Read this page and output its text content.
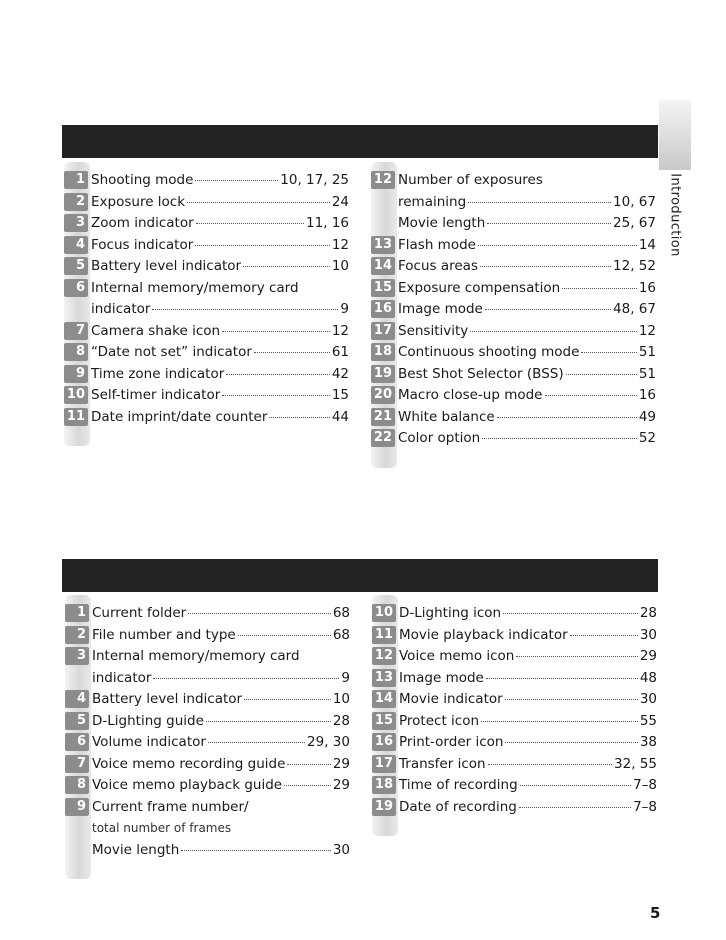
Introduction
1 Shooting mode	10, 17, 25
2 Exposure lock	24
3 Zoom indicator	11, 16
4 Focus indicator	12
5 Battery level indicator	10
6 Internal memory/memory card
indicator	9
7 Camera shake icon	12
8 “Date not set” indicator	61
9 Time zone indicator	42
10 Self-timer indicator	15
11 Date imprint/date counter	44
12 Number of exposures
remaining	10, 67
Movie length	25, 67
13 Flash mode	14
14 Focus areas	12, 52
15 Exposure compensation	16
16 Image mode	48, 67
17 Sensitivity	12
18 Continuous shooting mode	51
19 Best Shot Selector (BSS)	51
20 Macro close-up mode	16
21 White balance	49
22 Color option	52
1 Current folder	68
2 File number and type	68
3 Internal memory/memory card
indicator	9
4 Battery level indicator	10
5 D-Lighting guide	28
6 Volume indicator	29, 30
7 Voice memo recording guide	29
8 Voice memo playback guide	29
9 Current frame number/
total number of frames
Movie length	30
10 D-Lighting icon	28
11 Movie playback indicator	30
12 Voice memo icon	29
13 Image mode	48
14 Movie indicator	30
15 Protect icon	55
16 Print-order icon	38
17 Transfer icon	32, 55
18 Time of recording	7–8
19 Date of recording	7–8
5
